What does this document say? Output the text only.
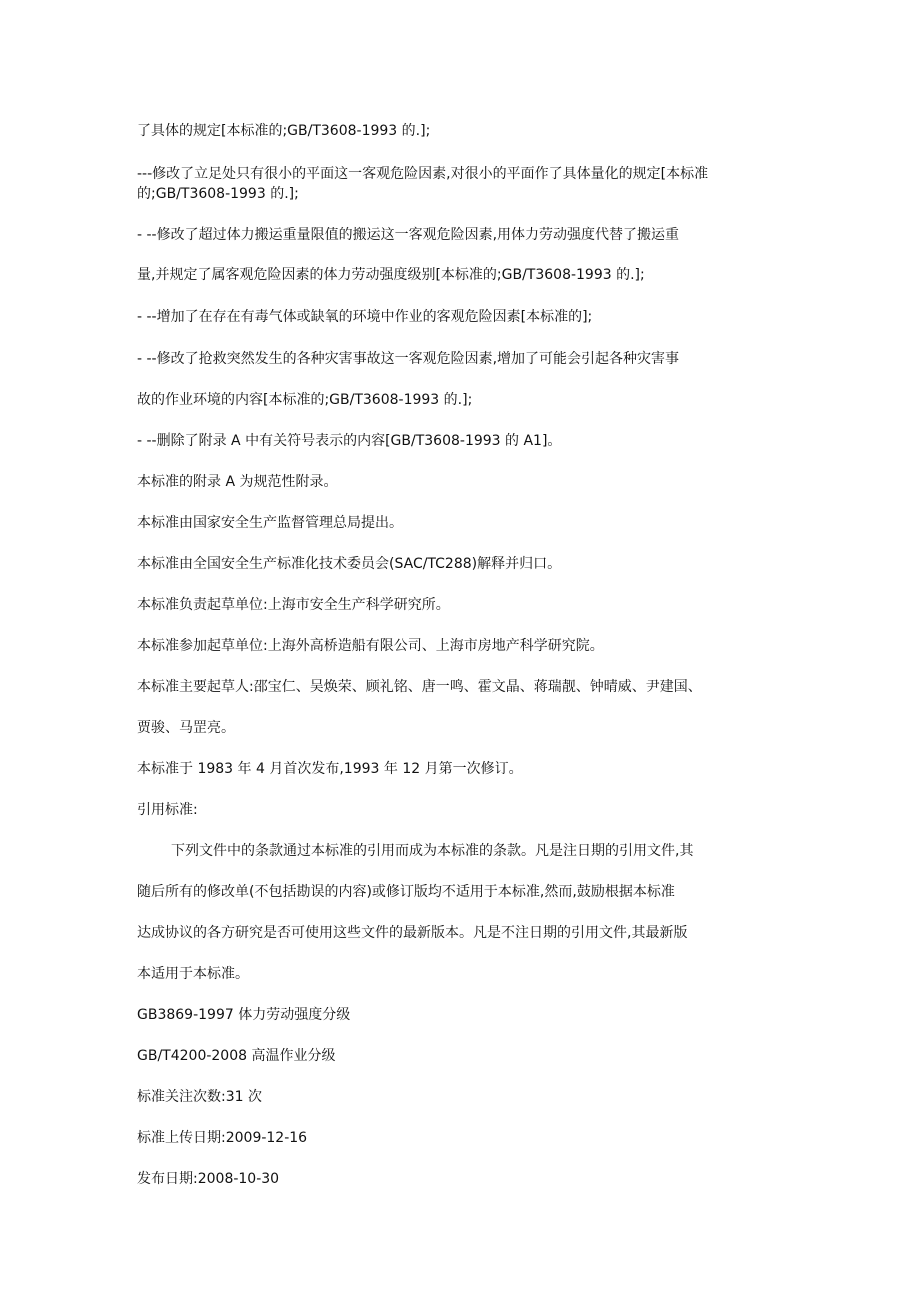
了具体的规定[本标准的;GB/T3608-1993 的.];
---修改了立足处只有很小的平面这一客观危险因素,对很小的平面作了具体量化的规定[本标准的;GB/T3608-1993 的.];
- --修改了超过体力搬运重量限值的搬运这一客观危险因素,用体力劳动强度代替了搬运重
量,并规定了属客观危险因素的体力劳动强度级别[本标准的;GB/T3608-1993 的.];
- --增加了在存在有毒气体或缺氧的环境中作业的客观危险因素[本标准的];
- --修改了抢救突然发生的各种灾害事故这一客观危险因素,增加了可能会引起各种灾害事
故的作业环境的内容[本标准的;GB/T3608-1993 的.];
- --删除了附录 A 中有关符号表示的内容[GB/T3608-1993 的 A1]。
本标准的附录 A 为规范性附录。
本标准由国家安全生产监督管理总局提出。
本标准由全国安全生产标准化技术委员会(SAC/TC288)解释并归口。
本标准负责起草单位:上海市安全生产科学研究所。
本标准参加起草单位:上海外高桥造船有限公司、上海市房地产科学研究院。
本标准主要起草人:邵宝仁、吴焕荣、顾礼铭、唐一鸣、霍文晶、蒋瑞靓、钟晴威、尹建国、
贾骏、马罡亮。
本标准于 1983 年 4 月首次发布,1993 年 12 月第一次修订。
引用标准:
下列文件中的条款通过本标准的引用而成为本标准的条款。凡是注日期的引用文件,其
随后所有的修改单(不包括勘误的内容)或修订版均不适用于本标准,然而,鼓励根据本标准
达成协议的各方研究是否可使用这些文件的最新版本。凡是不注日期的引用文件,其最新版
本适用于本标准。
GB3869-1997 体力劳动强度分级
GB/T4200-2008 高温作业分级
标准关注次数:31 次
标准上传日期:2009-12-16
发布日期:2008-10-30
